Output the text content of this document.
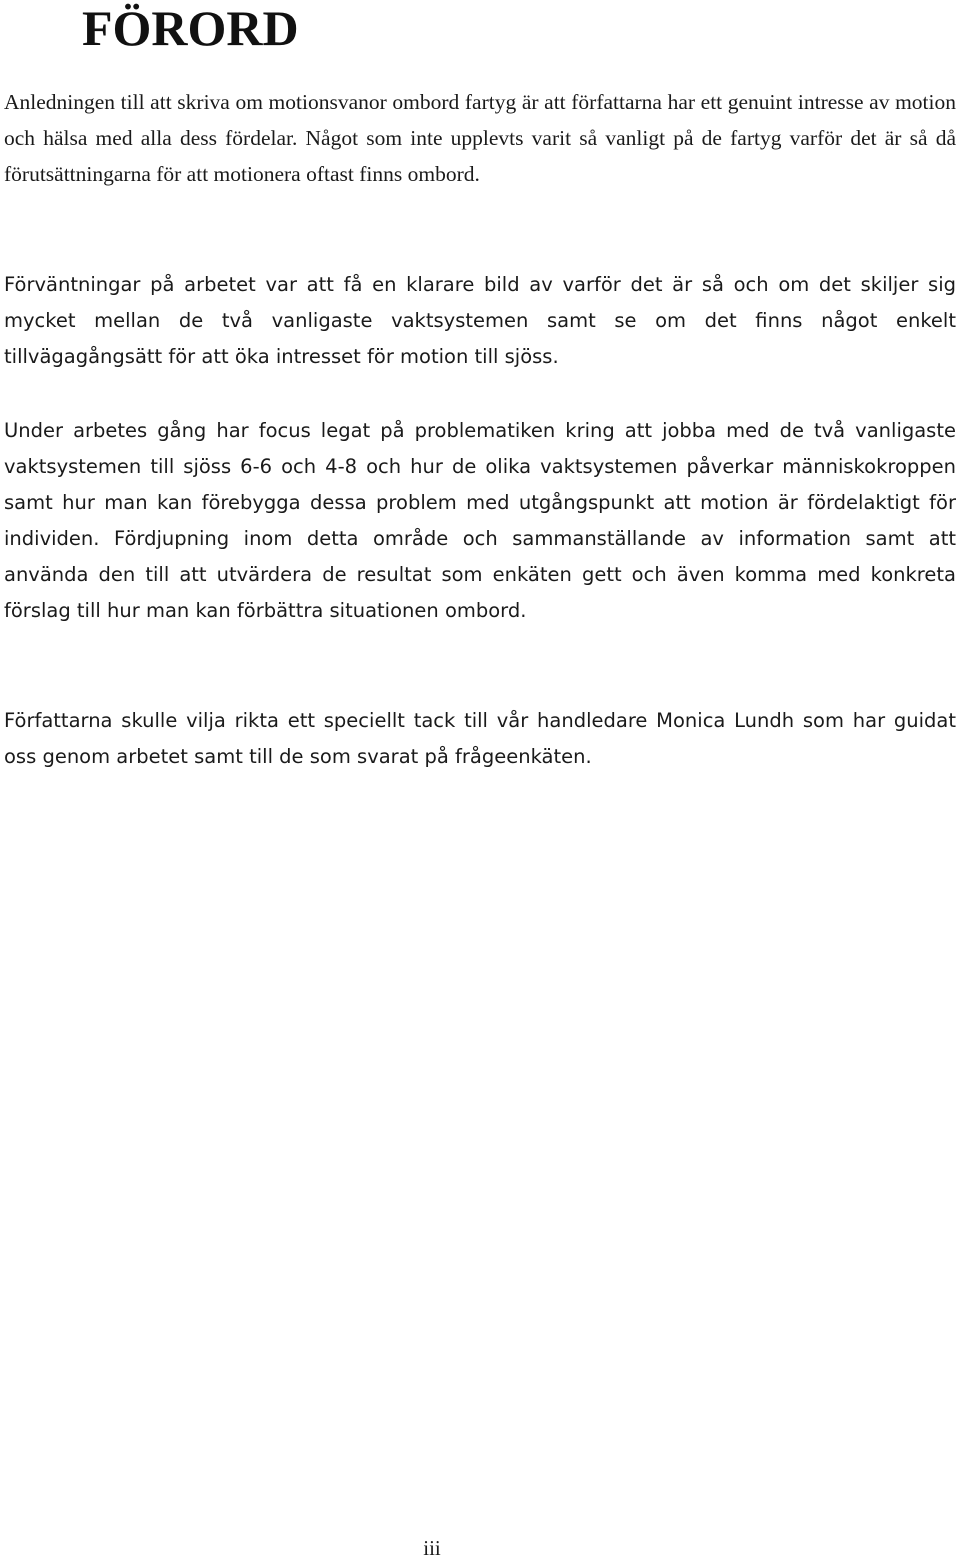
FÖRORD

Anledningen till att skriva om motionsvanor ombord fartyg är att författarna har ett genuint intresse av motion och hälsa med alla dess fördelar. Något som inte upplevts varit så vanligt på de fartyg varför det är så då förutsättningarna för att motionera oftast finns ombord.

Förväntningar på arbetet var att få en klarare bild av varför det är så och om det skiljer sig mycket mellan de två vanligaste vaktsystemen samt se om det finns något enkelt tillvägagångsätt för att öka intresset för motion till sjöss.

Under arbetes gång har focus legat på problematiken kring att jobba med de två vanligaste vaktsystemen till sjöss 6-6 och 4-8 och hur de olika vaktsystemen påverkar människokroppen samt hur man kan förebygga dessa problem med utgångspunkt att motion är fördelaktigt för individen. Fördjupning inom detta område och sammanställande av information samt att använda den till att utvärdera de resultat som enkäten gett och även komma med konkreta förslag till hur man kan förbättra situationen ombord.

Författarna skulle vilja rikta ett speciellt tack till vår handledare Monica Lundh som har guidat oss genom arbetet samt till de som svarat på frågeenkäten.

iii
